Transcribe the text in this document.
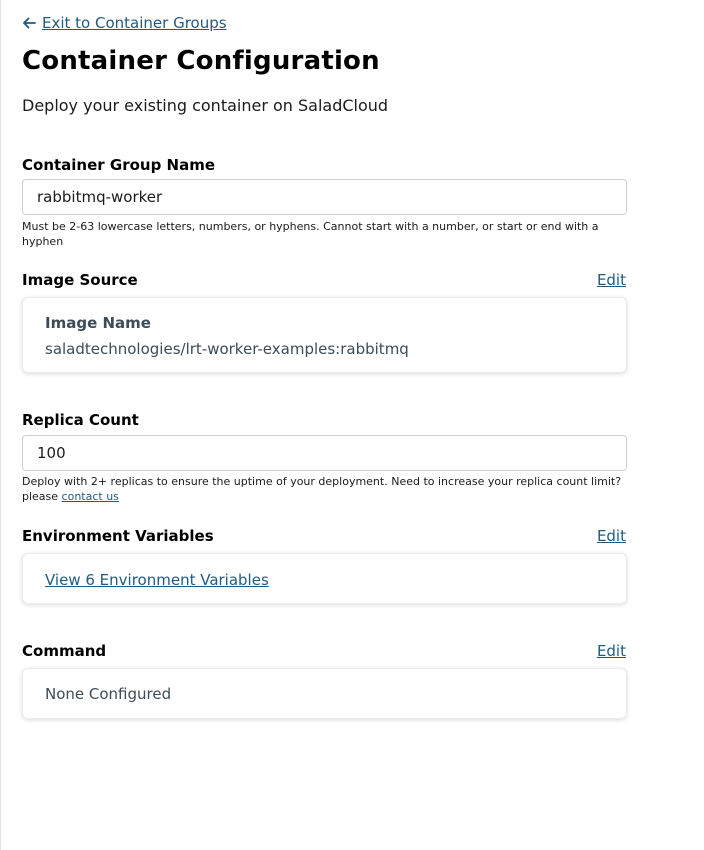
Exit to Container Groups
Container Configuration
Deploy your existing container on SaladCloud
Container Group Name
rabbitmq-worker
Must be 2-63 lowercase letters, numbers, or hyphens. Cannot start with a number, or start or end with a hyphen
Image Source	Edit
Image Name
saladtechnologies/lrt-worker-examples:rabbitmq
Replica Count
100
Deploy with 2+ replicas to ensure the uptime of your deployment. Need to increase your replica count limit? please contact us
Environment Variables	Edit
View 6 Environment Variables
Command	Edit
None Configured
